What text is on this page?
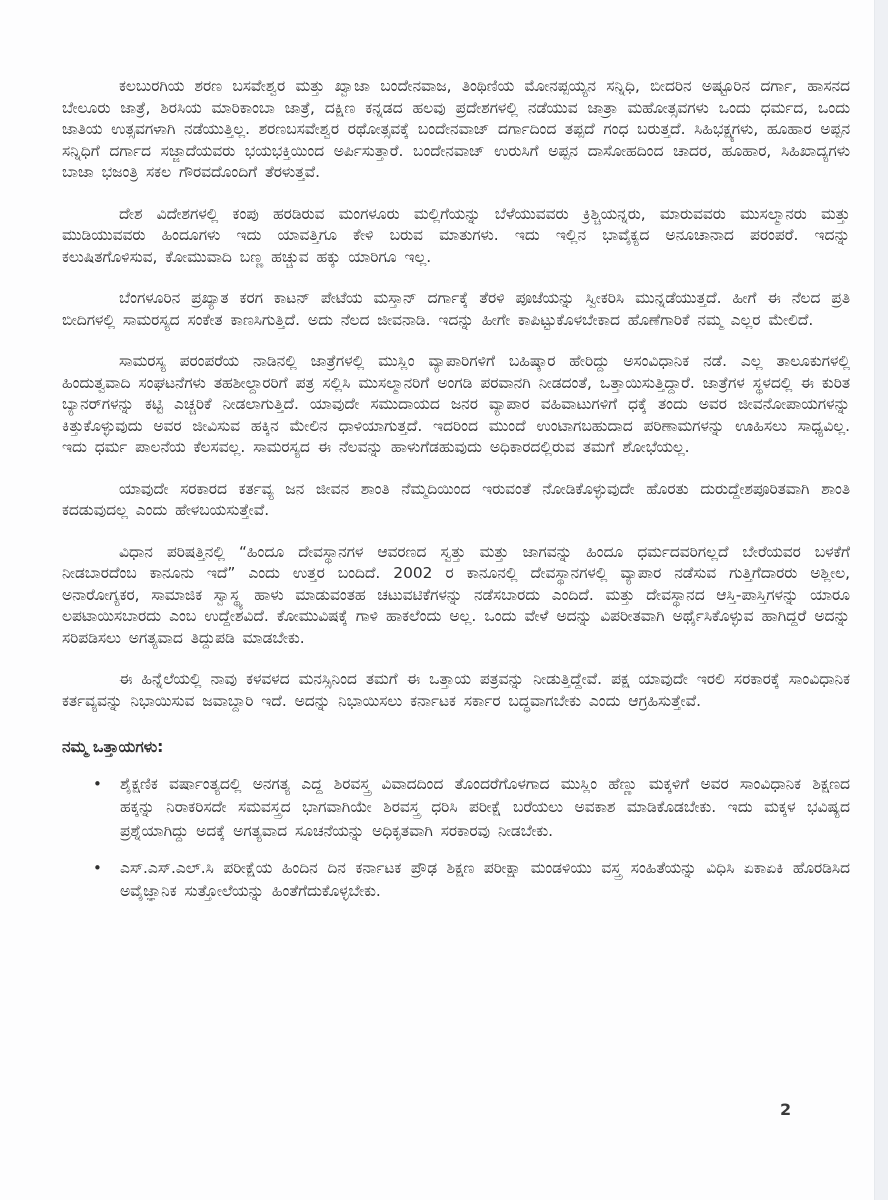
ಕಲಬುರಗಿಯ ಶರಣ ಬಸವೇಶ್ವರ ಮತ್ತು ಖ್ವಾಜಾ ಬಂದೇನವಾಜ, ತಿಂಥಿಣಿಯ ಮೋನಪ್ಪಯ್ಯನ ಸನ್ನಿಧಿ, ಬೀದರಿನ ಅಷ್ಟೂರಿನ ದರ್ಗಾ, ಹಾಸನದ ಬೇಲೂರು ಜಾತ್ರೆ, ಶಿರಸಿಯ ಮಾರಿಕಾಂಬಾ ಜಾತ್ರೆ, ದಕ್ಷಿಣ ಕನ್ನಡದ ಹಲವು ಪ್ರದೇಶಗಳಲ್ಲಿ ನಡೆಯುವ ಜಾತ್ರಾ ಮಹೋತ್ಸವಗಳು ಒಂದು ಧರ್ಮದ, ಒಂದು ಜಾತಿಯ ಉತ್ಸವಗಳಾಗಿ ನಡೆಯುತ್ತಿಲ್ಲ. ಶರಣಬಸವೇಶ್ವರ ರಥೋತ್ಸವಕ್ಕೆ ಬಂದೇನವಾಜ್ ದರ್ಗಾದಿಂದ ತಪ್ಪದೆ ಗಂಧ ಬರುತ್ತದೆ. ಸಿಹಿಭಕ್ಷ್ಯಗಳು, ಹೂಹಾರ ಅಪ್ಪನ ಸನ್ನಿಧಿಗೆ ದರ್ಗಾದ ಸಜ್ಜಾದೆಯವರು ಭಯಭಕ್ತಿಯಿಂದ ಅರ್ಪಿಸುತ್ತಾರೆ. ಬಂದೇನವಾಜ್ ಉರುಸಿಗೆ ಅಪ್ಪನ ದಾಸೋಹದಿಂದ ಚಾದರ, ಹೂಹಾರ, ಸಿಹಿಖಾದ್ಯಗಳು ಬಾಜಾ ಭಜಂತ್ರಿ ಸಕಲ ಗೌರವದೊಂದಿಗೆ ತೆರಳುತ್ತವೆ.

ದೇಶ ವಿದೇಶಗಳಲ್ಲಿ ಕಂಪು ಹರಡಿರುವ ಮಂಗಳೂರು ಮಲ್ಲಿಗೆಯನ್ನು ಬೆಳೆಯುವವರು ಕ್ರಿಶ್ಚಿಯನ್ನರು, ಮಾರುವವರು ಮುಸಲ್ಮಾನರು ಮತ್ತು ಮುಡಿಯುವವರು ಹಿಂದೂಗಳು ಇದು ಯಾವತ್ತಿಗೂ ಕೇಳಿ ಬರುವ ಮಾತುಗಳು. ಇದು ಇಲ್ಲಿನ ಭಾವೈಕ್ಯದ ಅನೂಚಾನಾದ ಪರಂಪರೆ. ಇದನ್ನು ಕಲುಷಿತಗೊಳಿಸುವ, ಕೋಮುವಾದಿ ಬಣ್ಣ ಹಚ್ಚುವ ಹಕ್ಕು ಯಾರಿಗೂ ಇಲ್ಲ.

ಬೆಂಗಳೂರಿನ ಪ್ರಖ್ಯಾತ ಕರಗ ಕಾಟನ್ ಪೇಟೆಯ ಮಸ್ತಾನ್ ದರ್ಗಾಕ್ಕೆ ತೆರಳಿ ಪೂಜೆಯನ್ನು ಸ್ವೀಕರಿಸಿ ಮುನ್ನಡೆಯುತ್ತದೆ. ಹೀಗೆ ಈ ನೆಲದ ಪ್ರತಿ ಬೀದಿಗಳಲ್ಲಿ ಸಾಮರಸ್ಯದ ಸಂಕೇತ ಕಾಣಸಿಗುತ್ತಿದೆ. ಅದು ನೆಲದ ಜೀವನಾಡಿ. ಇದನ್ನು ಹೀಗೇ ಕಾಪಿಟ್ಟುಕೊಳಬೇಕಾದ ಹೊಣೆಗಾರಿಕೆ ನಮ್ಮ ಎಲ್ಲರ ಮೇಲಿದೆ.

ಸಾಮರಸ್ಯ ಪರಂಪರೆಯ ನಾಡಿನಲ್ಲಿ ಜಾತ್ರೆಗಳಲ್ಲಿ ಮುಸ್ಲಿಂ ವ್ಯಾಪಾರಿಗಳಿಗೆ ಬಹಿಷ್ಕಾರ ಹೇರಿದ್ದು ಅಸಂವಿಧಾನಿಕ ನಡೆ. ಎಲ್ಲ ತಾಲೂಕುಗಳಲ್ಲಿ ಹಿಂದುತ್ವವಾದಿ ಸಂಘಟನೆಗಳು ತಹಶೀಲ್ದಾರರಿಗೆ ಪತ್ರ ಸಲ್ಲಿಸಿ ಮುಸಲ್ಮಾನರಿಗೆ ಅಂಗಡಿ ಪರವಾನಗಿ ನೀಡದಂತೆ, ಒತ್ತಾಯಿಸುತ್ತಿದ್ದಾರೆ. ಜಾತ್ರೆಗಳ ಸ್ಥಳದಲ್ಲಿ ಈ ಕುರಿತ ಬ್ಯಾನರ್‌ಗಳನ್ನು ಕಟ್ಟಿ ಎಚ್ಚರಿಕೆ ನೀಡಲಾಗುತ್ತಿದೆ. ಯಾವುದೇ ಸಮುದಾಯದ ಜನರ ವ್ಯಾಪಾರ ವಹಿವಾಟುಗಳಿಗೆ ಧಕ್ಕೆ ತಂದು ಅವರ ಜೀವನೋಪಾಯಗಳನ್ನು ಕಿತ್ತುಕೊಳ್ಳುವುದು ಅವರ ಜೀವಿಸುವ ಹಕ್ಕಿನ ಮೇಲಿನ ಧಾಳಿಯಾಗುತ್ತದೆ. ಇದರಿಂದ ಮುಂದೆ ಉಂಟಾಗಬಹುದಾದ ಪರಿಣಾಮಗಳನ್ನು ಊಹಿಸಲು ಸಾಧ್ಯವಿಲ್ಲ. ಇದು ಧರ್ಮ ಪಾಲನೆಯ ಕೆಲಸವಲ್ಲ. ಸಾಮರಸ್ಯದ ಈ ನೆಲವನ್ನು ಹಾಳುಗೆಡಹುವುದು ಅಧಿಕಾರದಲ್ಲಿರುವ ತಮಗೆ ಶೋಭೆಯಲ್ಲ.

ಯಾವುದೇ ಸರಕಾರದ ಕರ್ತವ್ಯ ಜನ ಜೀವನ ಶಾಂತಿ ನೆಮ್ಮದಿಯಿಂದ ಇರುವಂತೆ ನೋಡಿಕೊಳ್ಳುವುದೇ ಹೊರತು ದುರುದ್ದೇಶಪೂರಿತವಾಗಿ ಶಾಂತಿ ಕದಡುವುದಲ್ಲ ಎಂದು ಹೇಳಬಯಸುತ್ತೇವೆ.

ವಿಧಾನ ಪರಿಷತ್ತಿನಲ್ಲಿ “ಹಿಂದೂ ದೇವಸ್ಥಾನಗಳ ಆವರಣದ ಸ್ವತ್ತು ಮತ್ತು ಜಾಗವನ್ನು ಹಿಂದೂ ಧರ್ಮದವರಿಗಲ್ಲದೆ ಬೇರೆಯವರ ಬಳಕೆಗೆ ನೀಡಬಾರದೆಂಬ ಕಾನೂನು ಇದೆ” ಎಂದು ಉತ್ತರ ಬಂದಿದೆ. 2002 ರ ಕಾನೂನಲ್ಲಿ ದೇವಸ್ಥಾನಗಳಲ್ಲಿ ವ್ಯಾಪಾರ ನಡೆಸುವ ಗುತ್ತಿಗೆದಾರರು ಅಶ್ಲೀಲ, ಅನಾರೋಗ್ಯಕರ, ಸಾಮಾಜಿಕ ಸ್ವಾಸ್ಥ್ಯ ಹಾಳು ಮಾಡುವಂತಹ ಚಟುವಟಿಕೆಗಳನ್ನು ನಡೆಸಬಾರದು ಎಂದಿದೆ. ಮತ್ತು ದೇವಸ್ಥಾನದ ಆಸ್ತಿ-ಪಾಸ್ತಿಗಳನ್ನು ಯಾರೂ ಲಪಟಾಯಿಸಬಾರದು ಎಂಬ ಉದ್ದೇಶವಿದೆ. ಕೋಮುವಿಷಕ್ಕೆ ಗಾಳಿ ಹಾಕಲೆಂದು ಅಲ್ಲ. ಒಂದು ವೇಳೆ ಅದನ್ನು ವಿಪರೀತವಾಗಿ ಅರ್ಥೈಸಿಕೊಳ್ಳುವ ಹಾಗಿದ್ದರೆ ಅದನ್ನು ಸರಿಪಡಿಸಲು ಅಗತ್ಯವಾದ ತಿದ್ದುಪಡಿ ಮಾಡಬೇಕು.

ಈ ಹಿನ್ನೆಲೆಯಲ್ಲಿ ನಾವು ಕಳವಳದ ಮನಸ್ಸಿನಿಂದ ತಮಗೆ ಈ ಒತ್ತಾಯ ಪತ್ರವನ್ನು ನೀಡುತ್ತಿದ್ದೇವೆ. ಪಕ್ಷ ಯಾವುದೇ ಇರಲಿ ಸರಕಾರಕ್ಕೆ ಸಾಂವಿಧಾನಿಕ ಕರ್ತವ್ಯವನ್ನು ನಿಭಾಯಿಸುವ ಜವಾಬ್ದಾರಿ ಇದೆ. ಅದನ್ನು ನಿಭಾಯಿಸಲು ಕರ್ನಾಟಕ ಸರ್ಕಾರ ಬದ್ಧವಾಗಬೇಕು ಎಂದು ಆಗ್ರಹಿಸುತ್ತೇವೆ.

ನಮ್ಮ ಒತ್ತಾಯಗಳು:
• ಶೈಕ್ಷಣಿಕ ವರ್ಷಾಂತ್ಯದಲ್ಲಿ ಅನಗತ್ಯ ಎದ್ದ ಶಿರವಸ್ತ್ರ ವಿವಾದದಿಂದ ತೊಂದರೆಗೊಳಗಾದ ಮುಸ್ಲಿಂ ಹೆಣ್ಣು ಮಕ್ಕಳಿಗೆ ಅವರ ಸಾಂವಿಧಾನಿಕ ಶಿಕ್ಷಣದ ಹಕ್ಕನ್ನು ನಿರಾಕರಿಸದೇ ಸಮವಸ್ತ್ರದ ಭಾಗವಾಗಿಯೇ ಶಿರವಸ್ತ್ರ ಧರಿಸಿ ಪರೀಕ್ಷೆ ಬರೆಯಲು ಅವಕಾಶ ಮಾಡಿಕೊಡಬೇಕು. ಇದು ಮಕ್ಕಳ ಭವಿಷ್ಯದ ಪ್ರಶ್ನೆಯಾಗಿದ್ದು ಅದಕ್ಕೆ ಅಗತ್ಯವಾದ ಸೂಚನೆಯನ್ನು ಅಧಿಕೃತವಾಗಿ ಸರಕಾರವು ನೀಡಬೇಕು.
• ಎಸ್.ಎಸ್.ಎಲ್.ಸಿ ಪರೀಕ್ಷೆಯ ಹಿಂದಿನ ದಿನ ಕರ್ನಾಟಕ ಪ್ರೌಢ ಶಿಕ್ಷಣ ಪರೀಕ್ಷಾ ಮಂಡಳಿಯು ವಸ್ತ್ರ ಸಂಹಿತೆಯನ್ನು ವಿಧಿಸಿ ಏಕಾಏಕಿ ಹೊರಡಿಸಿದ ಅವೈಜ್ಞಾನಿಕ ಸುತ್ತೋಲೆಯನ್ನು ಹಿಂತೆಗೆದುಕೊಳ್ಳಬೇಕು.
2
